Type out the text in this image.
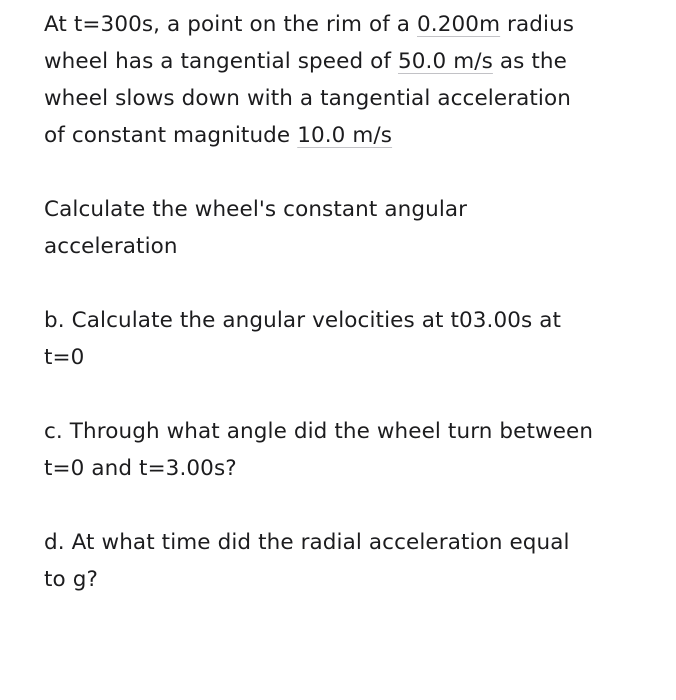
At t=300s, a point on the rim of a 0.200m radius
wheel has a tangential speed of 50.0 m/s as the
wheel slows down with a tangential acceleration
of constant magnitude 10.0 m/s
Calculate the wheel's constant angular
acceleration
b. Calculate the angular velocities at t03.00s at
t=0
c. Through what angle did the wheel turn between
t=0 and t=3.00s?
d. At what time did the radial acceleration equal
to g?
